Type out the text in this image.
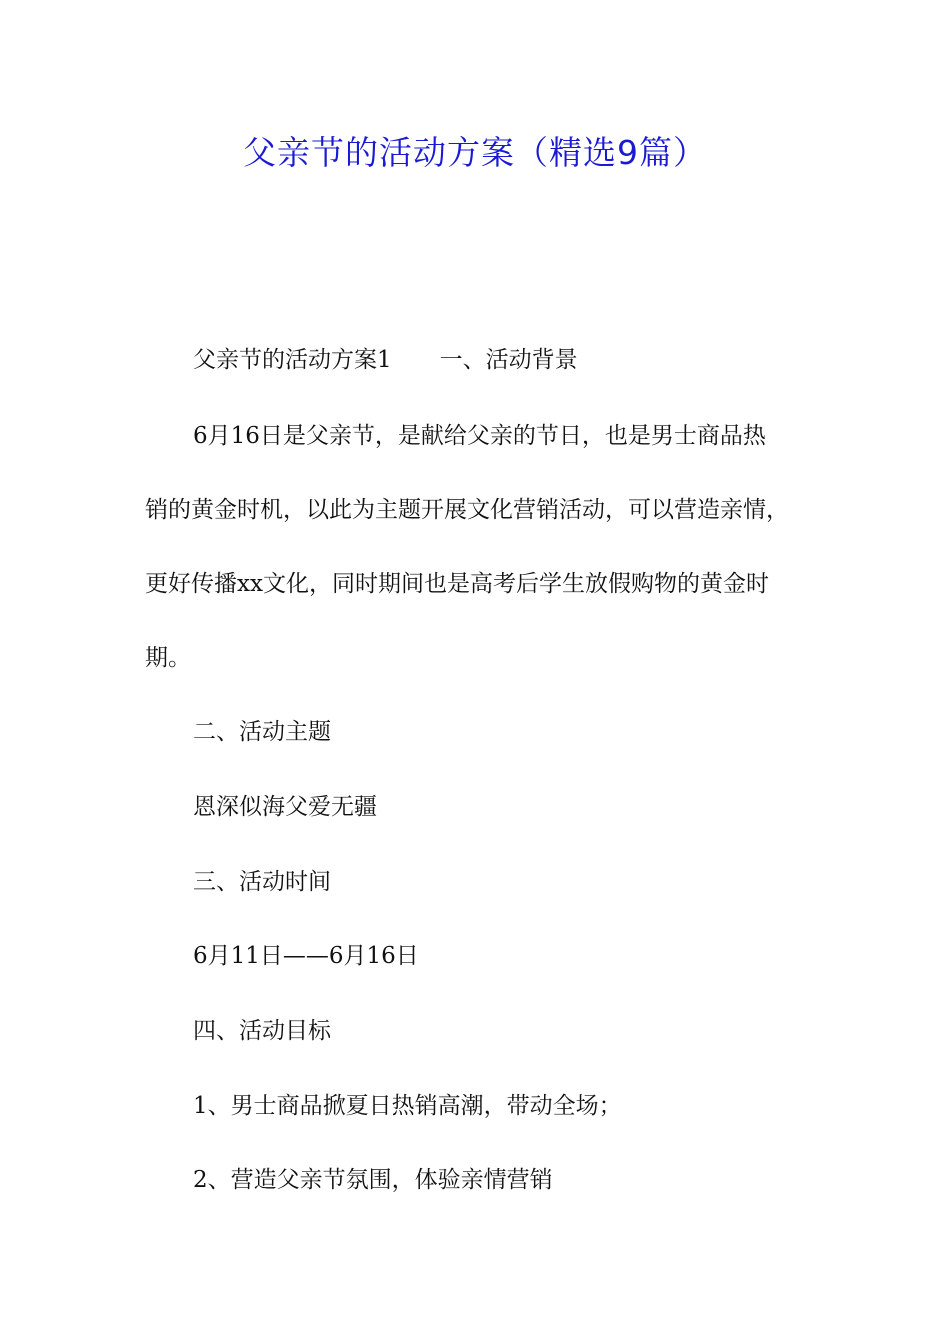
父亲节的活动方案（精选9篇）
父亲节的活动方案1 一、活动背景
6月16日是父亲节，是献给父亲的节日，也是男士商品热
销的黄金时机，以此为主题开展文化营销活动，可以营造亲情，
更好传播xx文化，同时期间也是高考后学生放假购物的黄金时
期。
二、活动主题
恩深似海父爱无疆
三、活动时间
6月11日——6月16日
四、活动目标
1、男士商品掀夏日热销高潮，带动全场；
2、营造父亲节氛围，体验亲情营销
